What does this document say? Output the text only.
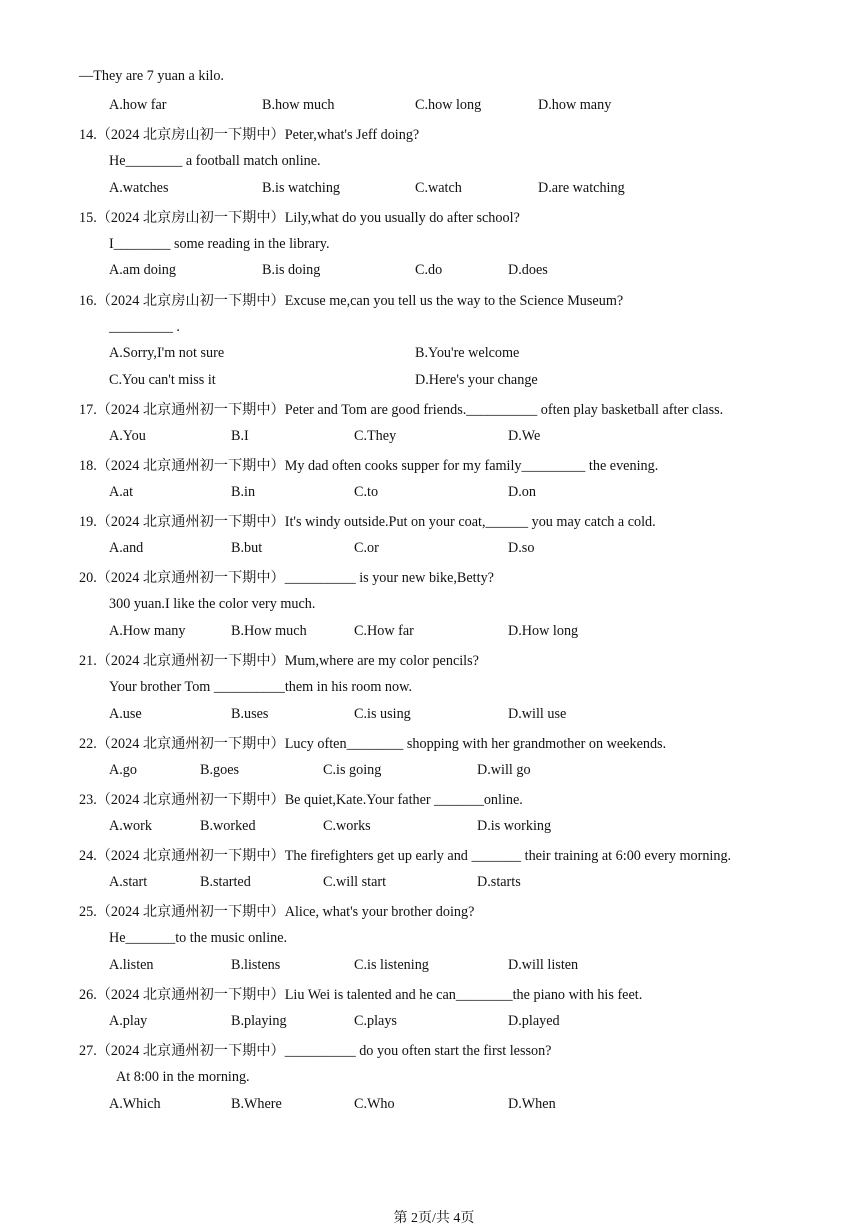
—They are 7 yuan a kilo.
A.how far	B.how much	C.how long	D.how many
14.（2024 北京房山初一下期中）Peter,what's Jeff doing?
He________ a football match online.
A.watches	B.is watching	C.watch	D.are watching
15.（2024 北京房山初一下期中）Lily,what do you usually do after school?
I________ some reading in the library.
A.am doing	B.is doing	C.do	D.does
16.（2024 北京房山初一下期中）Excuse me,can you tell us the way to the Science Museum?
_________ .
A.Sorry,I'm not sure	B.You're welcome
C.You can't miss it	D.Here's your change
17.（2024 北京通州初一下期中）Peter and Tom are good friends.__________ often play basketball after class.
A.You	B.I	C.They	D.We
18.（2024 北京通州初一下期中）My dad often cooks supper for my family_________ the evening.
A.at	B.in	C.to	D.on
19.（2024 北京通州初一下期中）It's windy outside.Put on your coat,______ you may catch a cold.
A.and	B.but	C.or	D.so
20.（2024 北京通州初一下期中）__________ is your new bike,Betty?
300 yuan.I like the color very much.
A.How many	B.How much	C.How far	D.How long
21.（2024 北京通州初一下期中）Mum,where are my color pencils?
Your brother Tom __________them in his room now.
A.use	B.uses	C.is using	D.will use
22.（2024 北京通州初一下期中）Lucy often________ shopping with her grandmother on weekends.
A.go	B.goes	C.is going	D.will go
23.（2024 北京通州初一下期中）Be quiet,Kate.Your father _______online.
A.work	B.worked	C.works	D.is working
24.（2024 北京通州初一下期中）The firefighters get up early and _______ their training at 6:00 every morning.
A.start	B.started	C.will start	D.starts
25.（2024 北京通州初一下期中）Alice, what's your brother doing?
He_______to the music online.
A.listen	B.listens	C.is listening	D.will listen
26.（2024 北京通州初一下期中）Liu Wei is talented and he can________the piano with his feet.
A.play	B.playing	C.plays	D.played
27.（2024 北京通州初一下期中）__________ do you often start the first lesson?
At 8:00 in the morning.
A.Which	B.Where	C.Who	D.When
第 2页/共 4页
